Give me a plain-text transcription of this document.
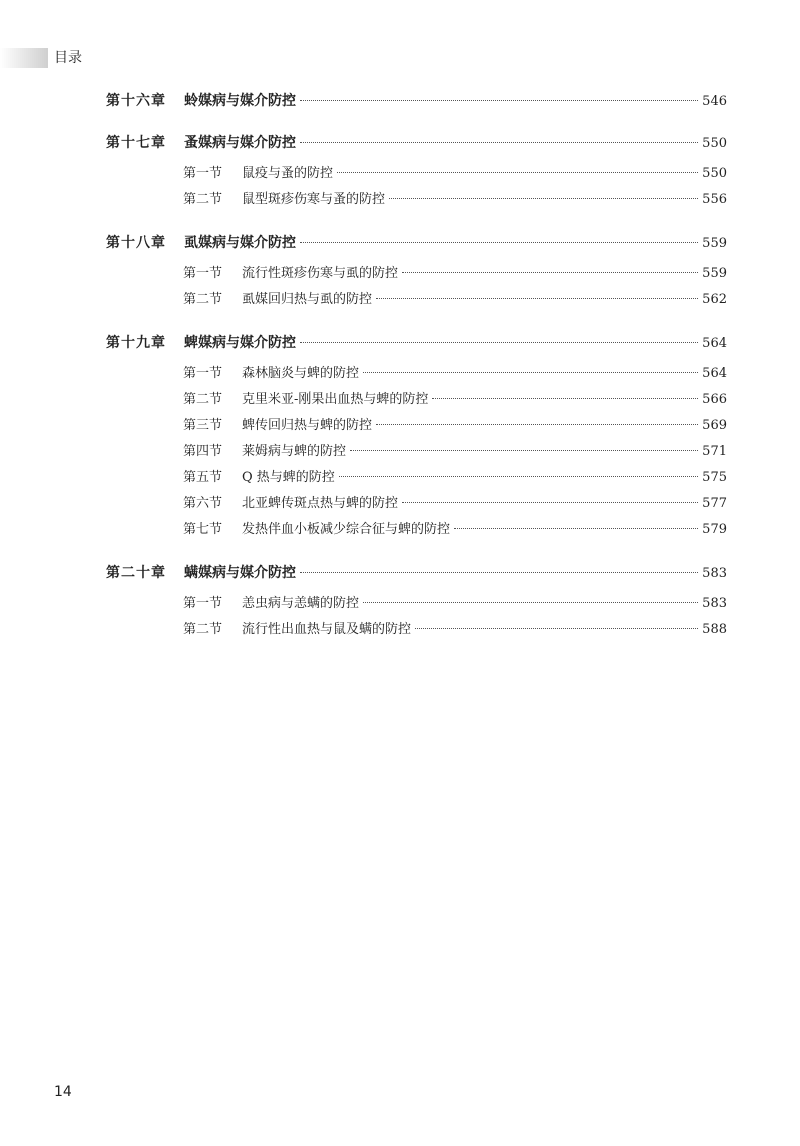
目录
第十六章	蛉媒病与媒介防控	546
第十七章	蚤媒病与媒介防控	550
第一节	鼠疫与蚤的防控	550
第二节	鼠型斑疹伤寒与蚤的防控	556
第十八章	虱媒病与媒介防控	559
第一节	流行性斑疹伤寒与虱的防控	559
第二节	虱媒回归热与虱的防控	562
第十九章	蜱媒病与媒介防控	564
第一节	森林脑炎与蜱的防控	564
第二节	克里米亚-刚果出血热与蜱的防控	566
第三节	蜱传回归热与蜱的防控	569
第四节	莱姆病与蜱的防控	571
第五节	Q 热与蜱的防控	575
第六节	北亚蜱传斑点热与蜱的防控	577
第七节	发热伴血小板减少综合征与蜱的防控	579
第二十章	螨媒病与媒介防控	583
第一节	恙虫病与恙螨的防控	583
第二节	流行性出血热与鼠及螨的防控	588
14
